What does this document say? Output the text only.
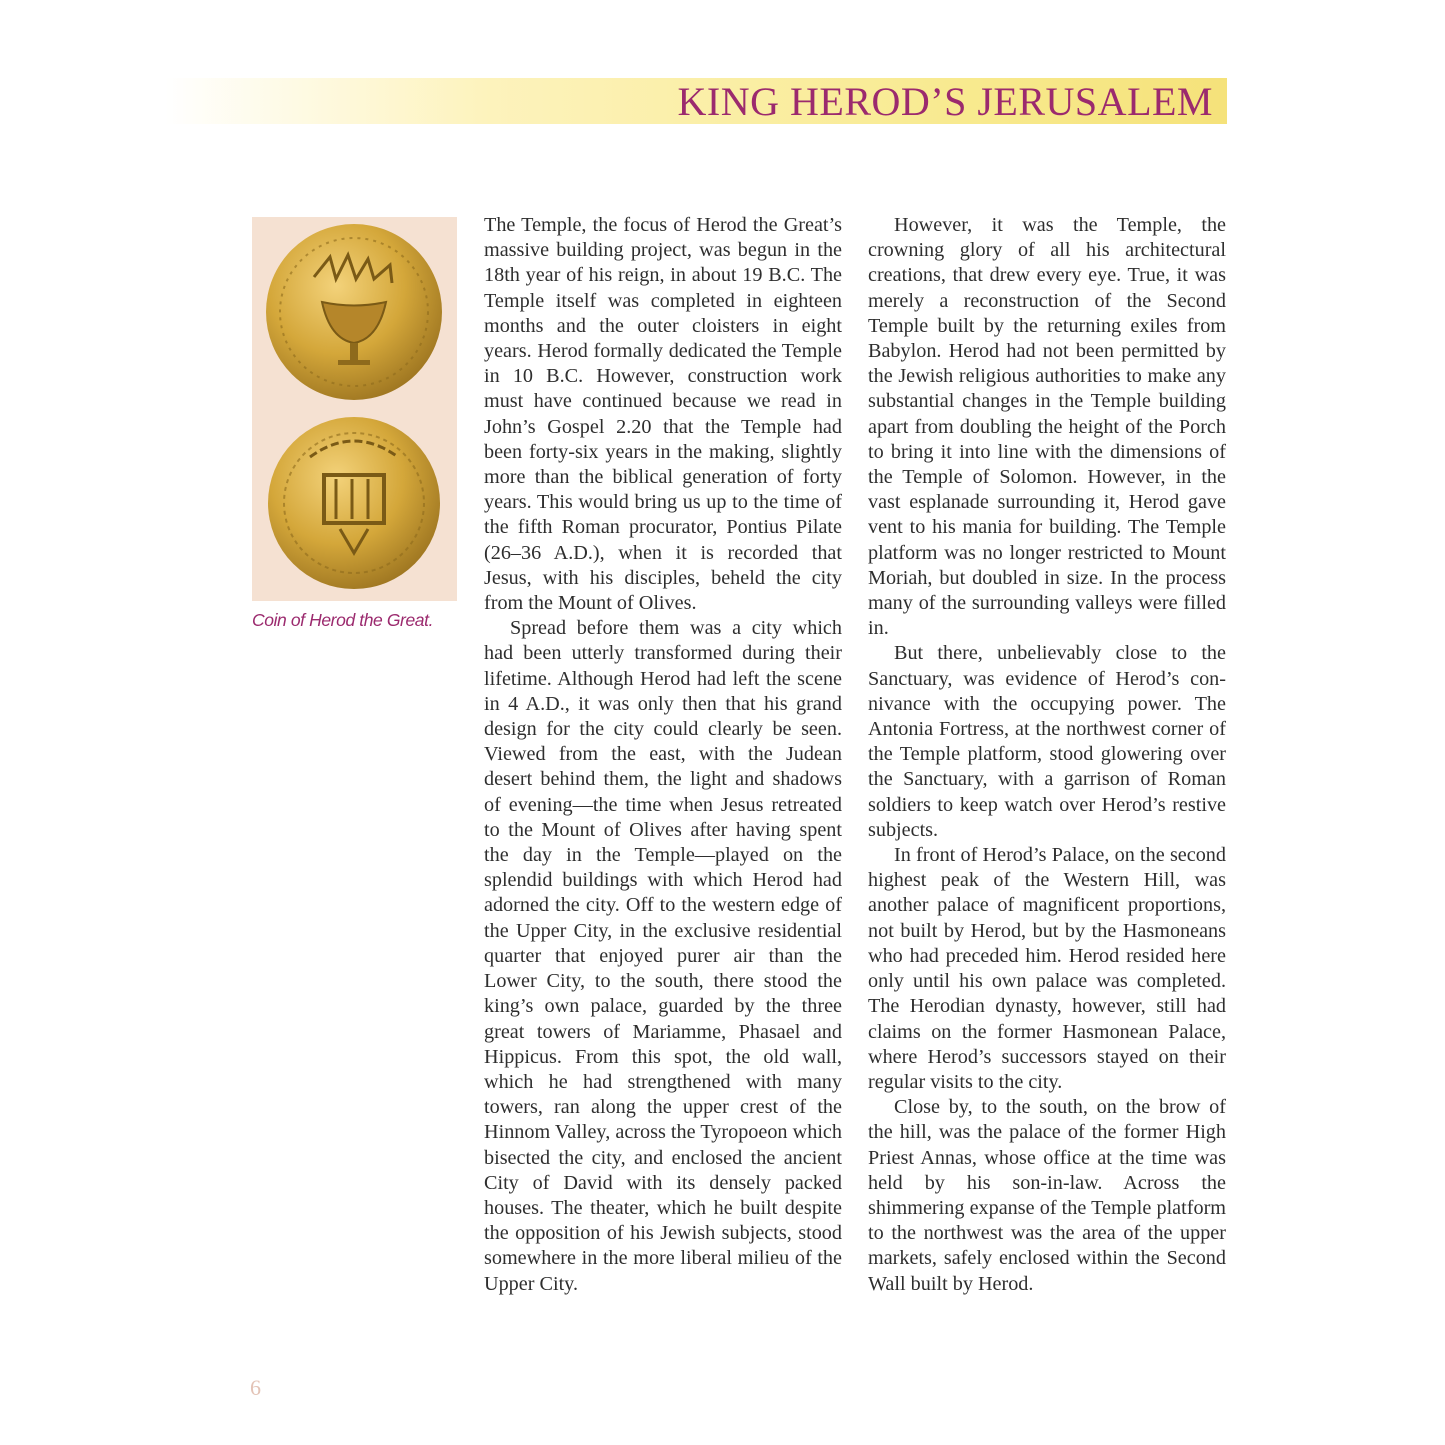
KING HEROD’S JERUSALEM

Coin of Herod the Great.

The Temple, the focus of Herod the Great’s massive building project, was begun in the 18th year of his reign, in about 19 B.C. The Temple itself was completed in eighteen months and the outer cloisters in eight years. Herod formally dedicated the Temple in 10 B.C. However, construction work must have continued because we read in John’s Gospel 2.20 that the Temple had been forty-six years in the making, slightly more than the biblical generation of forty years. This would bring us up to the time of the fifth Roman procurator, Pontius Pilate (26–36 A.D.), when it is recorded that Jesus, with his disciples, beheld the city from the Mount of Olives.

Spread before them was a city which had been utterly transformed during their lifetime. Although Herod had left the scene in 4 A.D., it was only then that his grand design for the city could clearly be seen. Viewed from the east, with the Judean desert behind them, the light and shadows of evening—the time when Jesus retreated to the Mount of Olives after having spent the day in the Temple—played on the splendid buildings with which Herod had adorned the city. Off to the western edge of the Upper City, in the exclusive residential quarter that enjoyed purer air than the Lower City, to the south, there stood the king’s own palace, guarded by the three great towers of Mariamme, Phasael and Hippicus. From this spot, the old wall, which he had strengthened with many towers, ran along the upper crest of the Hinnom Valley, across the Tyropoeon which bisected the city, and enclosed the ancient City of David with its densely packed houses. The theater, which he built despite the opposition of his Jewish subjects, stood somewhere in the more liberal milieu of the Upper City.

However, it was the Temple, the crowning glory of all his architectural creations, that drew every eye. True, it was merely a reconstruction of the Second Temple built by the returning exiles from Babylon. Herod had not been permitted by the Jewish religious authorities to make any substantial changes in the Temple building apart from doubling the height of the Porch to bring it into line with the dimensions of the Temple of Solomon. However, in the vast esplanade surrounding it, Herod gave vent to his mania for building. The Temple platform was no longer restricted to Mount Moriah, but doubled in size. In the process many of the surrounding valleys were filled in.

But there, unbelievably close to the Sanctuary, was evidence of Herod’s connivance with the occupying power. The Antonia Fortress, at the northwest corner of the Temple platform, stood glowering over the Sanctuary, with a garrison of Roman soldiers to keep watch over Herod’s restive subjects.

In front of Herod’s Palace, on the second highest peak of the Western Hill, was another palace of magnificent proportions, not built by Herod, but by the Hasmoneans who had preceded him. Herod resided here only until his own palace was completed. The Herodian dynasty, however, still had claims on the former Hasmonean Palace, where Herod’s successors stayed on their regular visits to the city.

Close by, to the south, on the brow of the hill, was the palace of the former High Priest Annas, whose office at the time was held by his son-in-law. Across the shimmering expanse of the Temple platform to the northwest was the area of the upper markets, safely enclosed within the Second Wall built by Herod.

6
